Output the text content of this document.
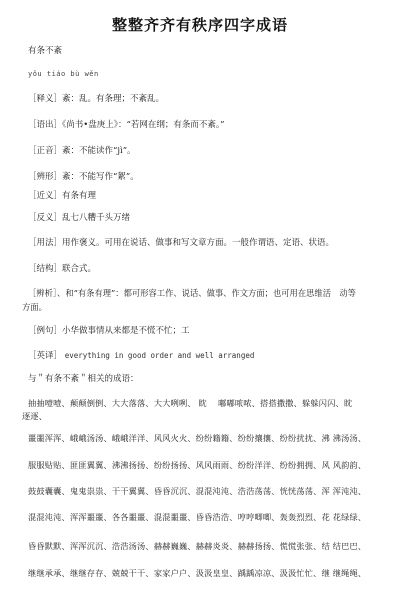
整整齐齐有秩序四字成语
有条不紊
yǒu tiáo bù wěn
［释义］紊：乱。有条理；不紊乱。
［语出］《尚书•盘庚上》：“若网在纲；有条而不紊。”
［正音］紊：不能读作“jì”。
［辨形］紊：不能写作“絮”。
［近义］有条有理
［反义］乱七八糟千头万绪
［用法］用作褒义。可用在说话、做事和写文章方面。一般作谓语、定语、状语。
［结构］联合式。
［辨析］、和“有条有理”：都可形容工作、说话、做事、作文方面；也可用在思维活　动等
方面。
［例句］小华做事情从来都是不慌不忙；工
［英译］ everything in good order and well arranged
与＂有条不紊＂相关的成语：
抽抽噎噎、颠颠倒倒、大大落落、大大咧咧、 眈　 嘟嘟哝哝、搭搭撒撒、躲躲闪闪、眈
逐逐、
噩噩浑浑、峨峨汤汤、峨峨洋洋、风风火火、纷纷籍籍、纷纷攘攘、纷纷扰扰、沸 沸汤汤、
服服贴贴、匪匪翼翼、沸沸扬扬、纷纷扬扬、风风雨雨、纷纷洋洋、纷纷拥拥、风 风韵韵、
鼓鼓囊囊、鬼鬼祟祟、干干翼翼、昏昏沉沉、混混沌沌、浩浩荡荡、恍恍荡荡、浑 浑沌沌、
混混沌沌、浑浑噩噩、各各噩噩、混混噩噩、昏昏浩浩、哼哼唧唧、轰轰烈烈、花 花绿绿、
昏昏默默、浑浑沉沉、浩浩汤汤、赫赫巍巍、赫赫炎炎、赫赫扬扬、慌慌张张、结 结巴巴、
继继承承、继继存存、兢兢干干、家家户户、汲汲皇皇、踽踽凉凉、汲汲忙忙、继 继绳绳、
